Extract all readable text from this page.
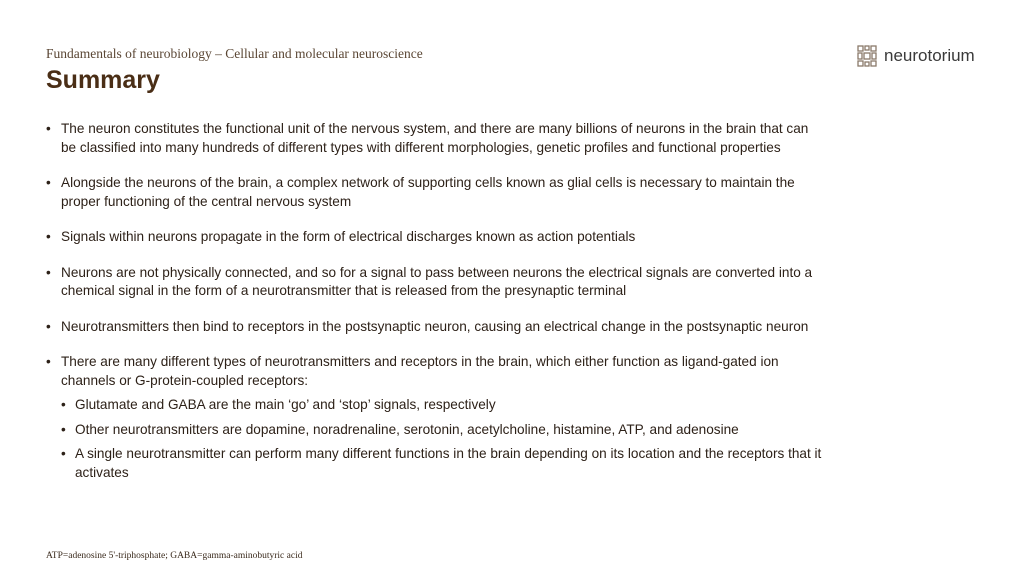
Fundamentals of neurobiology – Cellular and molecular neuroscience
Summary
neurotorium
• The neuron constitutes the functional unit of the nervous system, and there are many billions of neurons in the brain that can be classified into many hundreds of different types with different morphologies, genetic profiles and functional properties
• Alongside the neurons of the brain, a complex network of supporting cells known as glial cells is necessary to maintain the proper functioning of the central nervous system
• Signals within neurons propagate in the form of electrical discharges known as action potentials
• Neurons are not physically connected, and so for a signal to pass between neurons the electrical signals are converted into a chemical signal in the form of a neurotransmitter that is released from the presynaptic terminal
• Neurotransmitters then bind to receptors in the postsynaptic neuron, causing an electrical change in the postsynaptic neuron
• There are many different types of neurotransmitters and receptors in the brain, which either function as ligand-gated ion channels or G-protein-coupled receptors:
• Glutamate and GABA are the main ‘go’ and ‘stop’ signals, respectively
• Other neurotransmitters are dopamine, noradrenaline, serotonin, acetylcholine, histamine, ATP, and adenosine
• A single neurotransmitter can perform many different functions in the brain depending on its location and the receptors that it activates
ATP=adenosine 5'-triphosphate; GABA=gamma-aminobutyric acid
